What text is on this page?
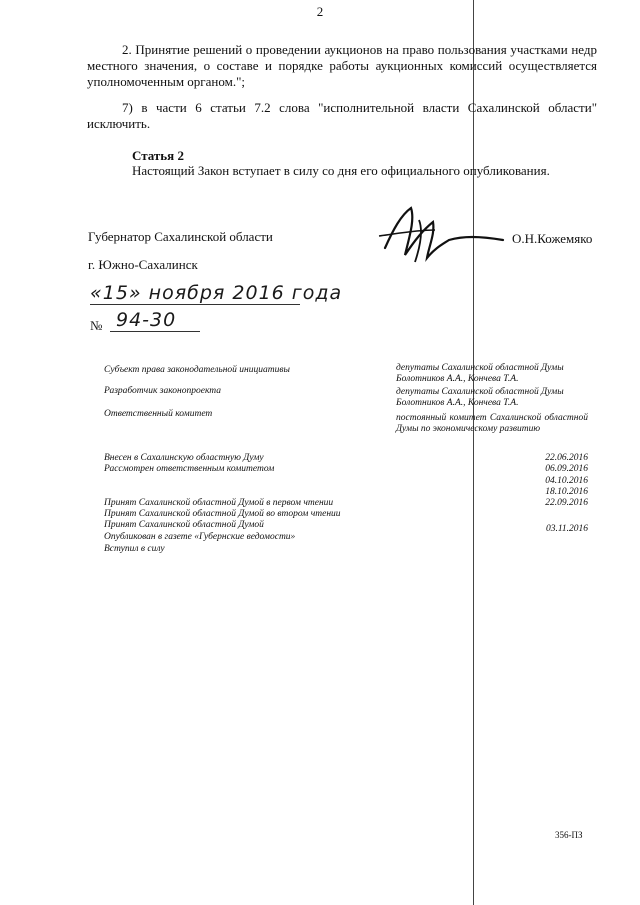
2
2. Принятие решений о проведении аукционов на право пользования участками недр местного значения, о составе и порядке работы аукционных комиссий осуществляется уполномоченным органом.";
7) в части 6 статьи 7.2 слова "исполнительной власти Сахалинской области" исключить.
Статья 2
Настоящий Закон вступает в силу со дня его официального опубликования.
Губернатор Сахалинской области	О.Н.Кожемяко
г. Южно-Сахалинск
«15» ноября 2016 года
№ 94-30
Субъект права законодательной инициативы
Разработчик законопроекта
Ответственный комитет
Внесен в Сахалинскую областную Думу
Рассмотрен ответственным комитетом
Принят Сахалинской областной Думой в первом чтении
Принят Сахалинской областной Думой во втором чтении
Принят Сахалинской областной Думой
Опубликован в газете «Губернские ведомости»
Вступил в силу
депутаты Сахалинской областной Думы Болотников А.А., Кончева Т.А.
депутаты Сахалинской областной Думы Болотников А.А., Кончева Т.А.
постоянный комитет Сахалинской областной Думы по экономическому развитию
22.06.2016
06.09.2016
04.10.2016
18.10.2016
22.09.2016
03.11.2016
356-ПЗ
